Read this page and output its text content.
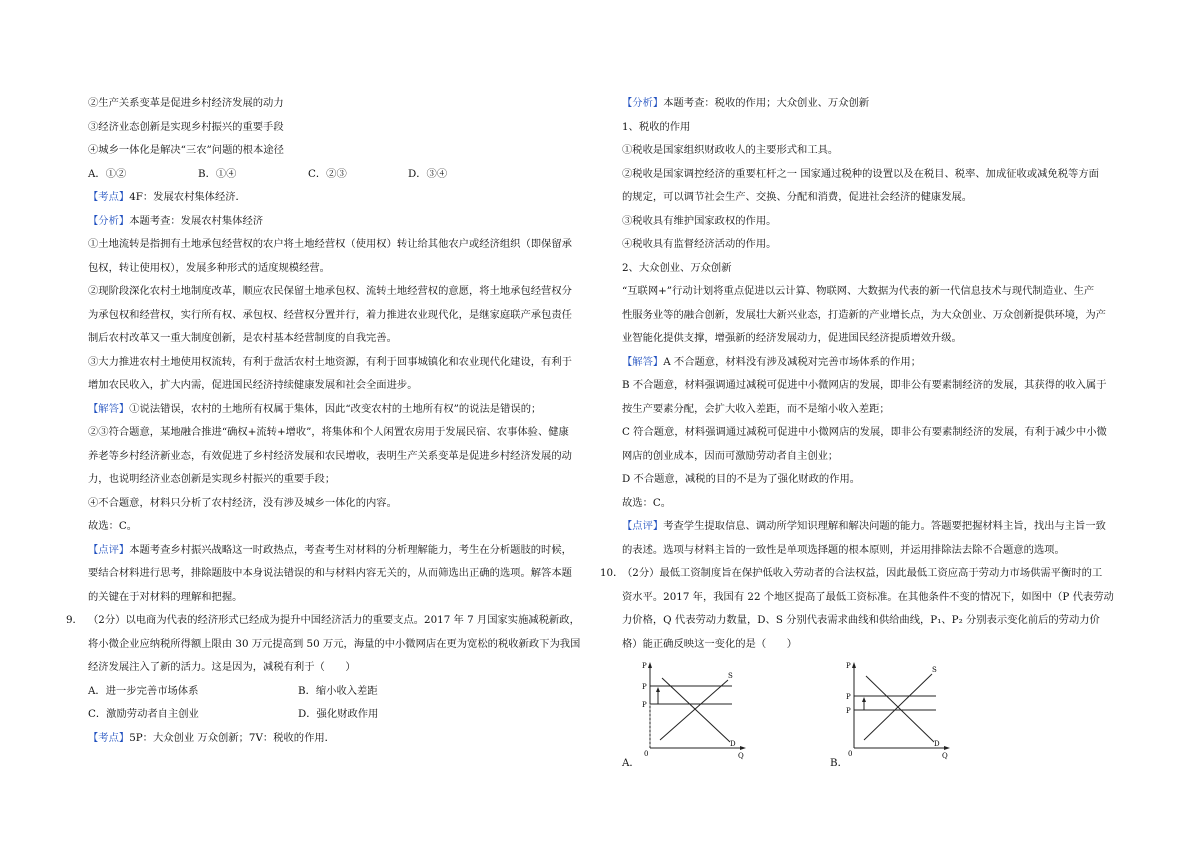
②生产关系变革是促进乡村经济发展的动力

③经济业态创新是实现乡村振兴的重要手段

④城乡一体化是解决“三农”问题的根本途径

A．①②	B．①④	C．②③	D．③④

【考点】4F：发展农村集体经济．

【分析】本题考查：发展农村集体经济

①土地流转是指拥有土地承包经营权的农户将土地经营权（使用权）转让给其他农户或经济组织（即保留承

包权，转让使用权），发展多种形式的适度规模经营。

②现阶段深化农村土地制度改革，顺应农民保留土地承包权、流转土地经营权的意愿，将土地承包经营权分

为承包权和经营权，实行所有权、承包权、经营权分置并行，着力推进农业现代化，是继家庭联产承包责任

制后农村改革又一重大制度创新，是农村基本经营制度的自我完善。

③大力推进农村土地使用权流转，有利于盘活农村土地资源，有利于回事城镇化和农业现代化建设，有利于

增加农民收入，扩大内需，促进国民经济持续健康发展和社会全面进步。

【解答】①说法错误，农村的土地所有权属于集体，因此“改变农村的土地所有权”的说法是错误的；

②③符合题意，某地融合推进“确权+流转+增收”，将集体和个人闲置农房用于发展民宿、农事体验、健康

养老等乡村经济新业态，有效促进了乡村经济发展和农民增收，表明生产关系变革是促进乡村经济发展的动

力，也说明经济业态创新是实现乡村振兴的重要手段；

④不合题意，材料只分析了农村经济，没有涉及城乡一体化的内容。

故选：C。

【点评】本题考查乡村振兴战略这一时政热点，考查考生对材料的分析理解能力，考生在分析题肢的时候，

要结合材料进行思考，排除题肢中本身说法错误的和与材料内容无关的，从而筛选出正确的选项。解答本题

的关键在于对材料的理解和把握。

9． （2分）以电商为代表的经济形式已经成为提升中国经济活力的重要支点。2017 年 7 月国家实施减税新政，

将小微企业应纳税所得额上限由 30 万元提高到 50 万元，海量的中小微网店在更为宽松的税收新政下为我国

经济发展注入了新的活力。这是因为，减税有利于（　　）

A．进一步完善市场体系	B．缩小收入差距
C．激励劳动者自主创业	D．强化财政作用

【考点】5P：大众创业 万众创新；7V：税收的作用．

【分析】本题考查：税收的作用；大众创业、万众创新

1、税收的作用

①税收是国家组织财政收人的主要形式和工具。

②税收是国家调控经济的重要杠杆之一 国家通过税种的设置以及在税目、税率、加成征收或减免税等方面

的规定，可以调节社会生产、交换、分配和消费，促进社会经济的健康发展。

③税收具有维护国家政权的作用。

④税收具有监督经济活动的作用。

2、大众创业、万众创新

“互联网+”行动计划将重点促进以云计算、物联网、大数据为代表的新一代信息技术与现代制造业、生产

性服务业等的融合创新，发展壮大新兴业态，打造新的产业增长点，为大众创业、万众创新提供环境，为产

业智能化提供支撑，增强新的经济发展动力，促进国民经济提质增效升级。

【解答】A 不合题意，材料没有涉及减税对完善市场体系的作用；

B 不合题意，材料强调通过减税可促进中小微网店的发展，即非公有要素制经济的发展，其获得的收入属于

按生产要素分配，会扩大收入差距，而不是缩小收入差距；

C 符合题意，材料强调通过减税可促进中小微网店的发展，即非公有要素制经济的发展，有利于减少中小微

网店的创业成本，因而可激励劳动者自主创业；

D 不合题意，减税的目的不是为了强化财政的作用。

故选：C。

【点评】考查学生提取信息、调动所学知识理解和解决问题的能力。答题要把握材料主旨，找出与主旨一致

的表述。选项与材料主旨的一致性是单项选择题的根本原则，并运用排除法去除不合题意的选项。

10．

（2分）最低工资制度旨在保护低收入劳动者的合法权益，因此最低工资应高于劳动力市场供需平衡时的工

资水平。2017 年，我国有 22 个地区提高了最低工资标准。在其他条件不变的情况下，如图中（P 代表劳动

力价格，Q 代表劳动力数量，D、S 分别代表需求曲线和供给曲线，P₁、P₂ 分别表示变化前后的劳动力价

格）能正确反映这一变化的是（　　）

A．
P
P
P
S
D
0	Q
B．
P
P
P
S
D
0	Q
